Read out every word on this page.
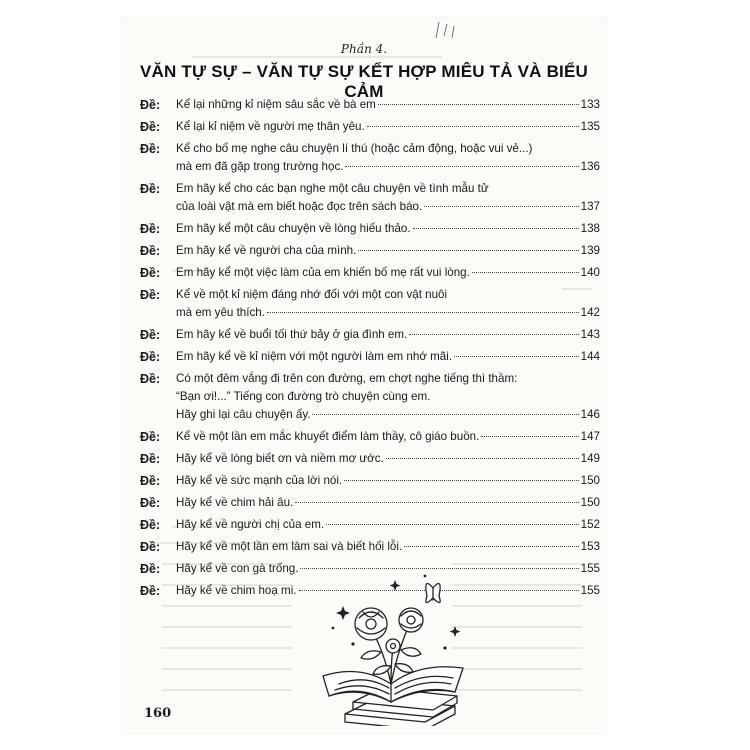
Phần 4.
VĂN TỰ SỰ – VĂN TỰ SỰ KẾT HỢP MIÊU TẢ VÀ BIỂU CẢM
Đề:	Kể lại những kỉ niệm sâu sắc về bà em	133
Đề:	Kể lại kỉ niệm về người mẹ thân yêu.	135
Đề:	Kể cho bố mẹ nghe câu chuyện lí thú (hoặc cảm động, hoặc vui vẻ...)
mà em đã gặp trong trường học.	136
Đề:	Em hãy kể cho các bạn nghe một câu chuyện về tình mẫu tử
của loài vật mà em biết hoặc đọc trên sách báo.	137
Đề:	Em hãy kể một câu chuyện về lòng hiếu thảo.	138
Đề:	Em hãy kể về người cha của mình.	139
Đề:	Em hãy kể một việc làm của em khiến bố mẹ rất vui lòng.	140
Đề:	Kể về một kỉ niệm đáng nhớ đối với một con vật nuôi
mà em yêu thích.	142
Đề:	Em hãy kể về buổi tối thứ bảy ở gia đình em.	143
Đề:	Em hãy kể về kỉ niệm với một người làm em nhớ mãi.	144
Đề:	Có một đêm vắng đi trên con đường, em chợt nghe tiếng thì thầm:
“Bạn ơi!...” Tiếng con đường trò chuyện cùng em.
Hãy ghi lại câu chuyện ấy.	146
Đề:	Kể về một lần em mắc khuyết điểm làm thầy, cô giáo buồn.	147
Đề:	Hãy kể về lòng biết ơn và niềm mơ ước.	149
Đề:	Hãy kể về sức mạnh của lời nói.	150
Đề:	Hãy kể về chim hải âu.	150
Đề:	Hãy kể về người chị của em.	152
Đề:	Hãy kể về một lần em làm sai và biết hối lỗi.	153
Đề:	Hãy kể về con gà trống.	155
Đề:	Hãy kể về chim hoạ mi.	155
160
